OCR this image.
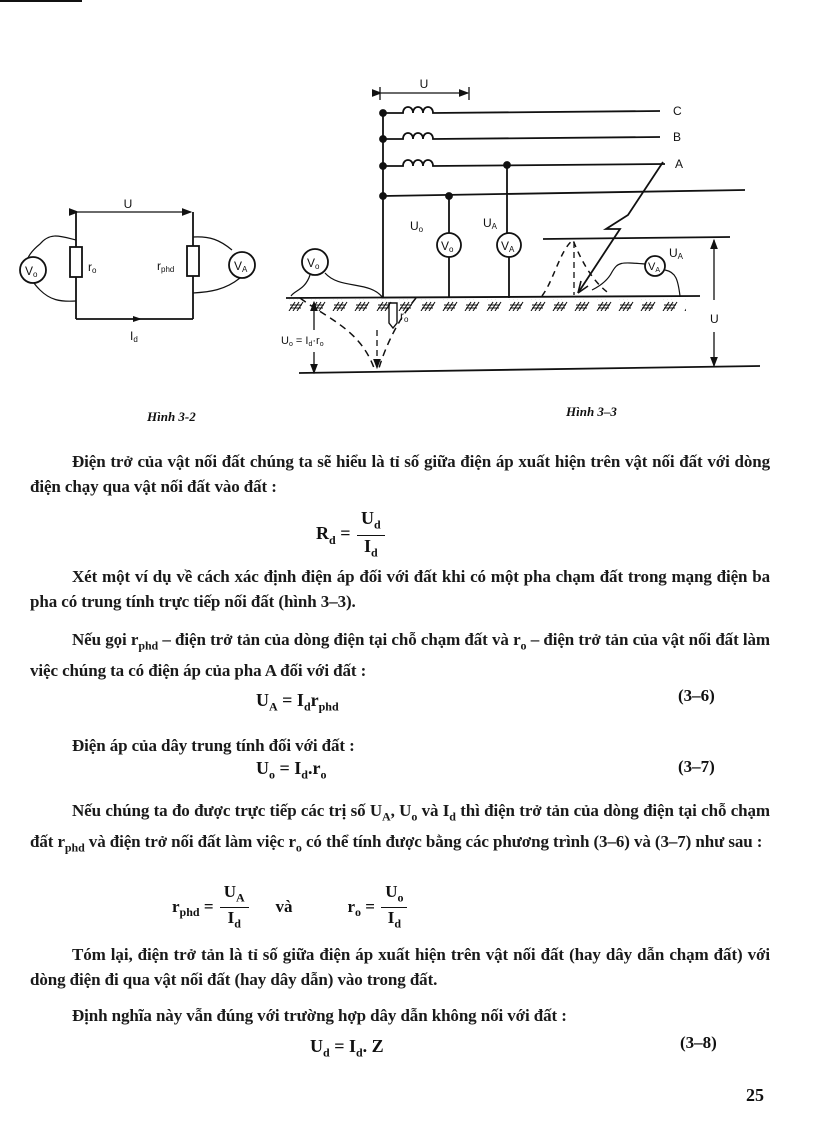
U
ro	rphd
Id
Vo
VA
U
C
B
A
Uo	UA
UA
Vo	VA
Vo	VA
ro	U
Uo = Id·ro
Hình 3-2	Hình 3–3
Điện trở của vật nối đất chúng ta sẽ hiểu là tỉ số giữa điện áp xuất hiện trên vật nối đất với dòng điện chạy qua vật nối đất vào đất :
$R_d = \frac{U_d}{I_d}$
Xét một ví dụ về cách xác định điện áp đối với đất khi có một pha chạm đất trong mạng điện ba pha có trung tính trực tiếp nối đất (hình 3–3).
Nếu gọi $r_{phd}$ – điện trở tản của dòng điện tại chỗ chạm đất và $r_o$ – điện trở tản của vật nối đất làm việc chúng ta có điện áp của pha A đối với đất :
$U_A = I_dr_{phd}$
(3–6)
Điện áp của dây trung tính đối với đất :
$U_o = I_d.r_o$	(3–7)
Nếu chúng ta đo được trực tiếp các trị số $U_A$, $U_o$ và $I_d$ thì điện trở tản của dòng điện tại chỗ chạm đất $r_{phd}$ và điện trở nối đất làm việc $r_o$ có thể tính được bằng các phương trình (3–6) và (3–7) như sau :
$r_{phd} = \frac{U_A}{I_d}$ và	$r_o = \frac{U_o}{I_d}$
Tóm lại, điện trở tản là tỉ số giữa điện áp xuất hiện trên vật nối đất (hay dây dẫn chạm đất) với dòng điện đi qua vật nối đất (hay dây dẫn) vào trong đất.
Định nghĩa này vẫn đúng với trường hợp dây dẫn không nối với đất :
$U_d = I_d$. Z	(3–8)
25
